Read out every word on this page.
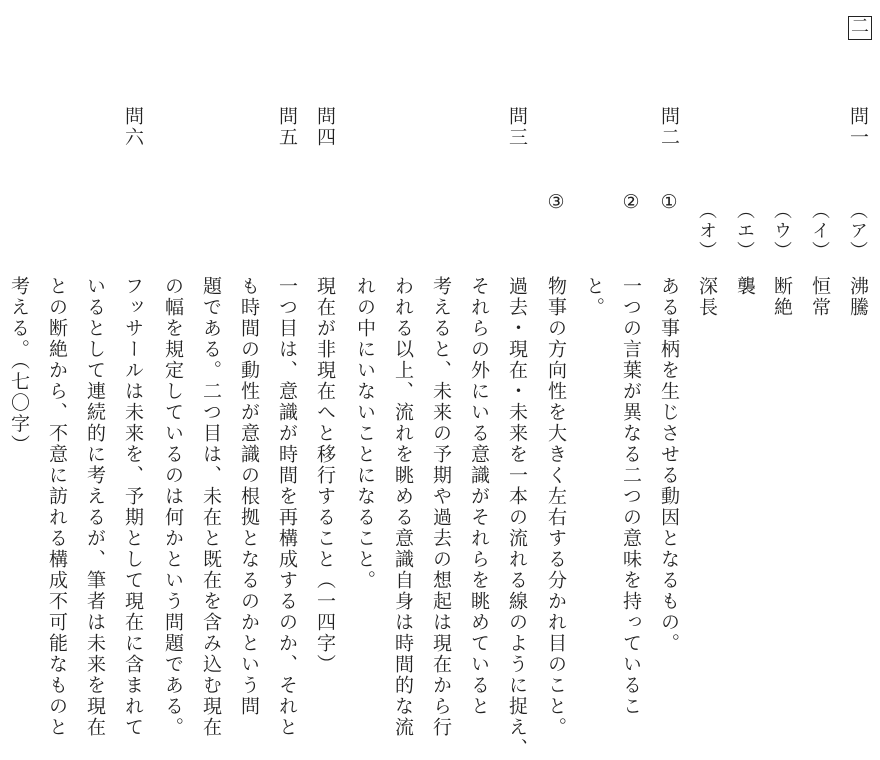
二
問一
（ア）
沸騰
（イ）
恒常
（ウ）
断絶
（エ）
襲
（オ）
深長
問二
①
ある事柄を生じさせる動因となるもの。
②
一つの言葉が異なる二つの意味を持っているこ
と。
③
物事の方向性を大きく左右する分かれ目のこと。
問三
過去・現在・未来を一本の流れる線のように捉え、
それらの外にいる意識がそれらを眺めていると
考えると、未来の予期や過去の想起は現在から行
われる以上、流れを眺める意識自身は時間的な流
れの中にいないことになること。
問四
現在が非現在へと移行すること（一四字）
問五
一つ目は、意識が時間を再構成するのか、それと
も時間の動性が意識の根拠となるのかという問
題である。二つ目は、未在と既在を含み込む現在
の幅を規定しているのは何かという問題である。
問六
フッサールは未来を、予期として現在に含まれて
いるとして連続的に考えるが、筆者は未来を現在
との断絶から、不意に訪れる構成不可能なものと
考える。（七〇字）
